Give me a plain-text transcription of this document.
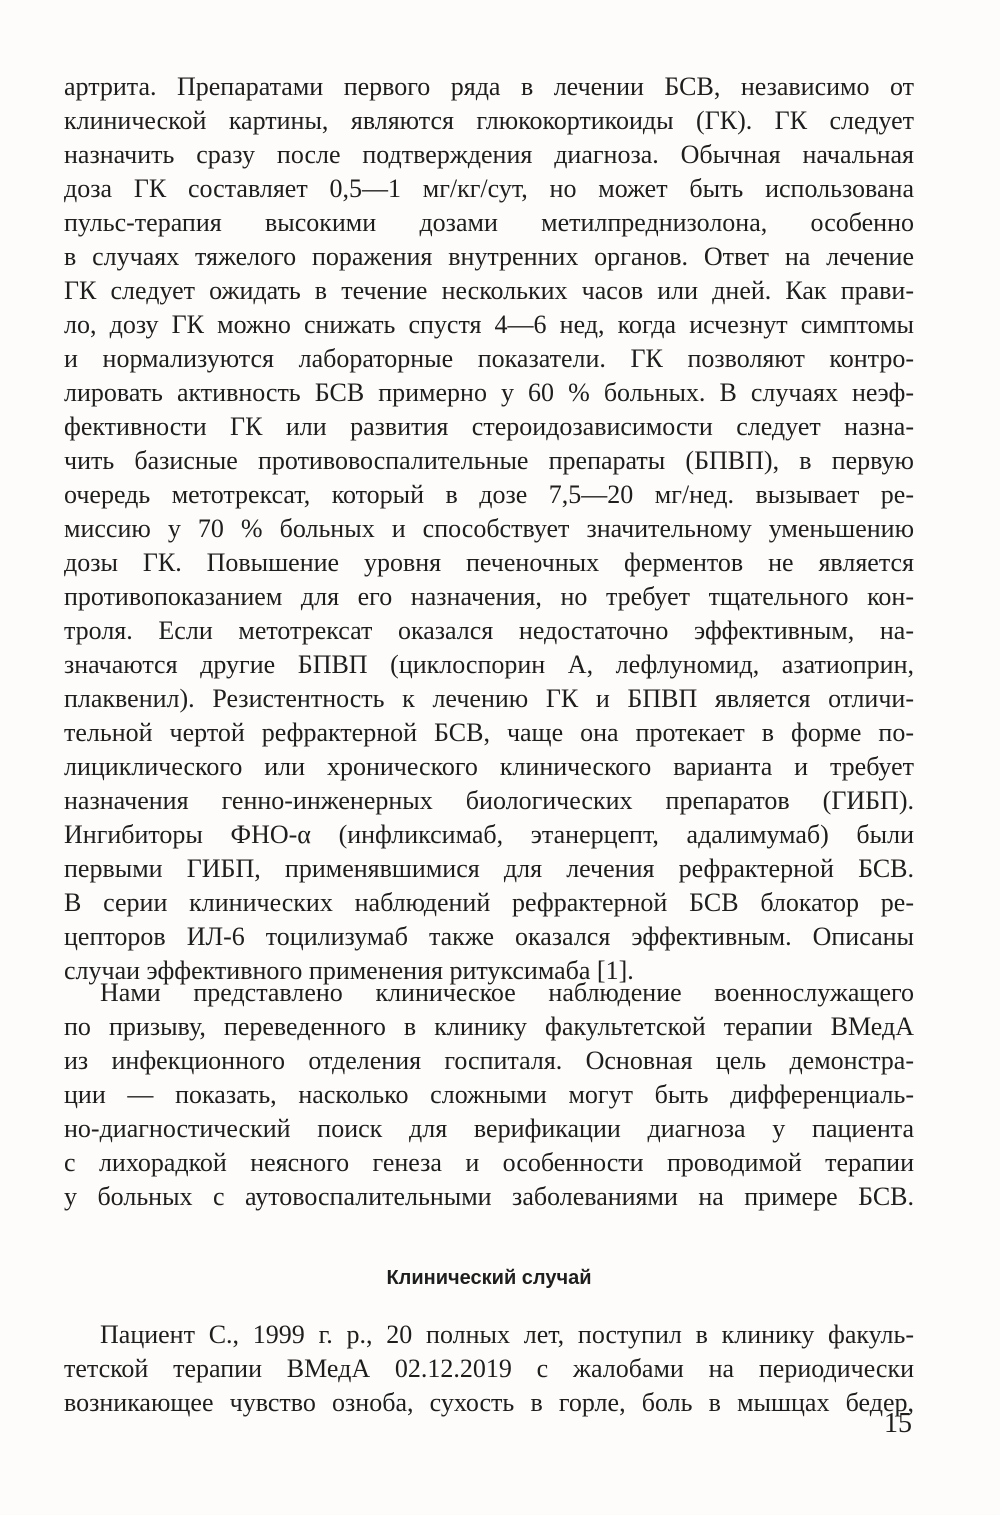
артрита. Препаратами первого ряда в лечении БСВ, независимо от
клинической картины, являются глюкокортикоиды (ГК). ГК следует
назначить сразу после подтверждения диагноза. Обычная начальная
доза ГК составляет 0,5—1 мг/кг/сут, но может быть использована
пульс-терапия высокими дозами метилпреднизолона, особенно
в случаях тяжелого поражения внутренних органов. Ответ на лечение
ГК следует ожидать в течение нескольких часов или дней. Как прави-
ло, дозу ГК можно снижать спустя 4—6 нед, когда исчезнут симптомы
и нормализуются лабораторные показатели. ГК позволяют контро-
лировать активность БСВ примерно у 60 % больных. В случаях неэф-
фективности ГК или развития стероидозависимости следует назна-
чить базисные противовоспалительные препараты (БПВП), в первую
очередь метотрексат, который в дозе 7,5—20 мг/нед. вызывает ре-
миссию у 70 % больных и способствует значительному уменьшению
дозы ГК. Повышение уровня печеночных ферментов не является
противопоказанием для его назначения, но требует тщательного кон-
троля. Если метотрексат оказался недостаточно эффективным, на-
значаются другие БПВП (циклоспорин А, лефлуномид, азатиоприн,
плаквенил). Резистентность к лечению ГК и БПВП является отличи-
тельной чертой рефрактерной БСВ, чаще она протекает в форме по-
лициклического или хронического клинического варианта и требует
назначения генно-инженерных биологических препаратов (ГИБП).
Ингибиторы ФНО-α (инфликсимаб, этанерцепт, адалимумаб) были
первыми ГИБП, применявшимися для лечения рефрактерной БСВ.
В серии клинических наблюдений рефрактерной БСВ блокатор ре-
цепторов ИЛ-6 тоцилизумаб также оказался эффективным. Описаны
случаи эффективного применения ритуксимаба [1].
Нами представлено клиническое наблюдение военнослужащего
по призыву, переведенного в клинику факультетской терапии ВМедА
из инфекционного отделения госпиталя. Основная цель демонстра-
ции — показать, насколько сложными могут быть дифференциаль-
но-диагностический поиск для верификации диагноза у пациента
с лихорадкой неясного генеза и особенности проводимой терапии
у больных с аутовоспалительными заболеваниями на примере БСВ.
Клинический случай
Пациент С., 1999 г. р., 20 полных лет, поступил в клинику факуль-
тетской терапии ВМедА 02.12.2019 с жалобами на периодически
возникающее чувство озноба, сухость в горле, боль в мышцах бедер,
15
